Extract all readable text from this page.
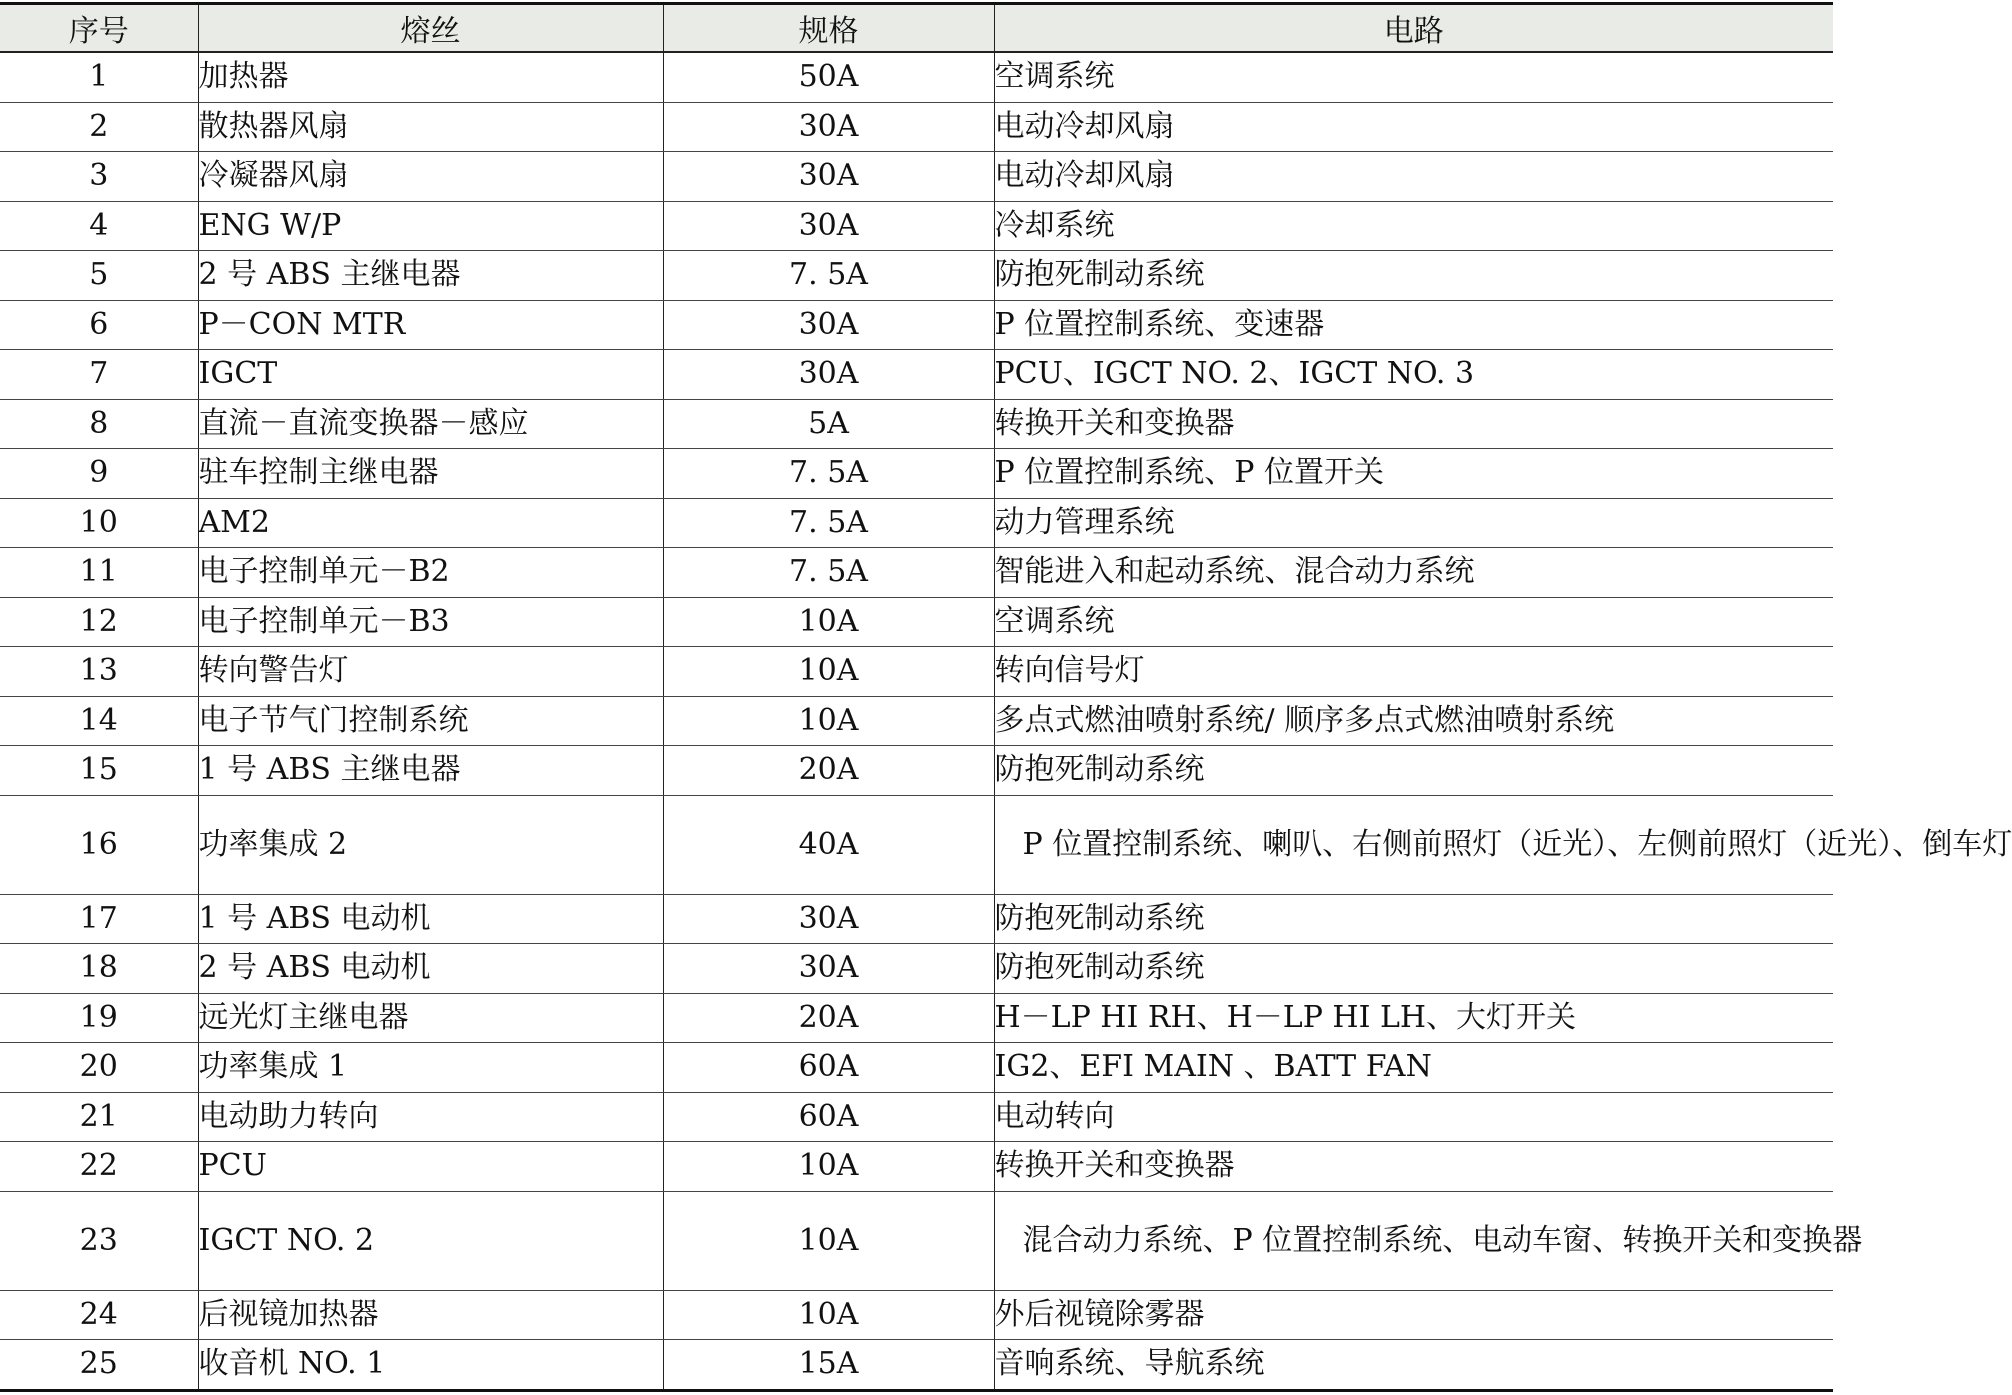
序号	熔丝	规格	电路
1	加热器	50A	空调系统
2	散热器风扇	30A	电动冷却风扇
3	冷凝器风扇	30A	电动冷却风扇
4	ENG W/P	30A	冷却系统
5	2 号 ABS 主继电器	7. 5A	防抱死制动系统
6	P－CON MTR	30A	P 位置控制系统、变速器
7	IGCT	30A	PCU、IGCT NO. 2、IGCT NO. 3
8	直流－直流变换器－感应	5A	转换开关和变换器
9	驻车控制主继电器	7. 5A	P 位置控制系统、P 位置开关
10	AM2	7. 5A	动力管理系统
11	电子控制单元－B2	7. 5A	智能进入和起动系统、混合动力系统
12	电子控制单元－B3	10A	空调系统
13	转向警告灯	10A	转向信号灯
14	电子节气门控制系统	10A	多点式燃油喷射系统/ 顺序多点式燃油喷射系统
15	1 号 ABS 主继电器	20A	防抱死制动系统
16	功率集成 2	40A	P 位置控制系统、喇叭、右侧前照灯（近光）、左侧前照灯（近光）、倒车灯
17	1 号 ABS 电动机	30A	防抱死制动系统
18	2 号 ABS 电动机	30A	防抱死制动系统
19	远光灯主继电器	20A	H－LP HI RH、H－LP HI LH、大灯开关
20	功率集成 1	60A	IG2、EFI MAIN 、BATT FAN
21	电动助力转向	60A	电动转向
22	PCU	10A	转换开关和变换器
23	IGCT NO. 2	10A	混合动力系统、P 位置控制系统、电动车窗、转换开关和变换器
24	后视镜加热器	10A	外后视镜除雾器
25	收音机 NO. 1	15A	音响系统、导航系统
